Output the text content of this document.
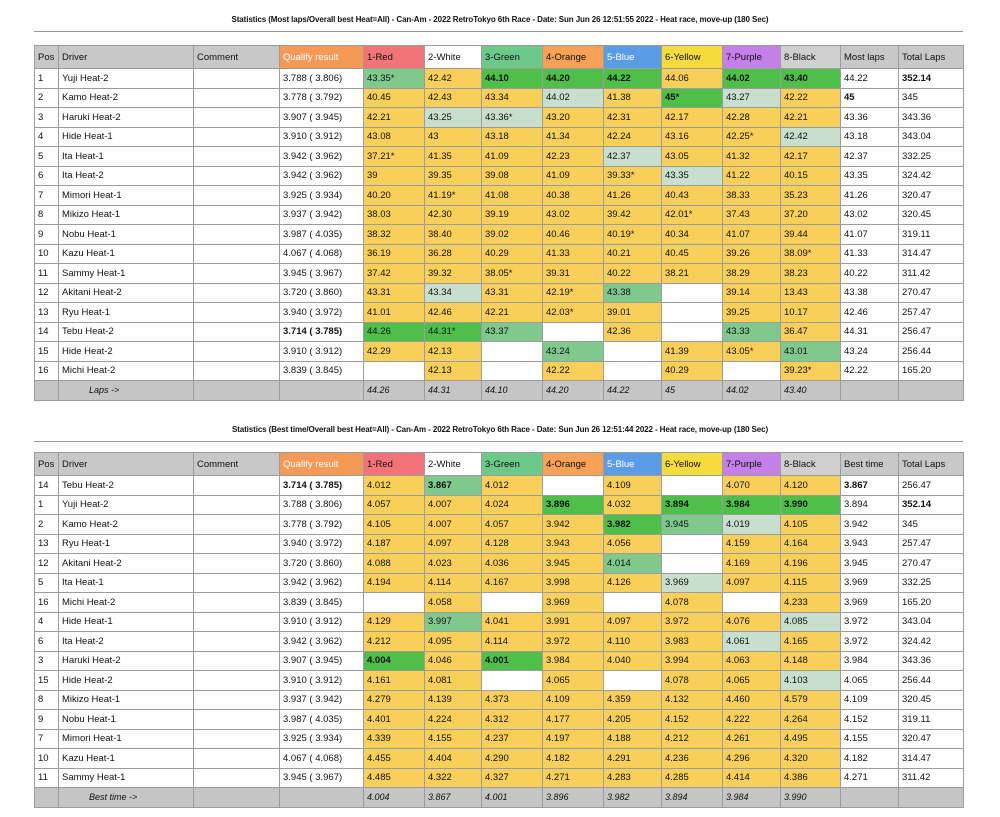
Statistics (Most laps/Overall best Heat=All) - Can-Am - 2022 RetroTokyo 6th Race - Date: Sun Jun 26 12:51:55 2022 - Heat race, move-up (180 Sec)
Pos	Driver	Comment	Qualify result	1-Red	2-White	3-Green	4-Orange	5-Blue	6-Yellow	7-Purple	8-Black	Most laps	Total Laps
1	Yuji Heat-2		3.788 ( 3.806)	43.35*	42.42	44.10	44.20	44.22	44.06	44.02	43.40	44.22	352.14
2	Kamo Heat-2		3.778 ( 3.792)	40.45	42.43	43.34	44.02	41.38	45*	43.27	42.22	45	345
3	Haruki Heat-2		3.907 ( 3.945)	42.21	43.25	43.36*	43.20	42.31	42.17	42.28	42.21	43.36	343.36
4	Hide Heat-1		3.910 ( 3.912)	43.08	43	43.18	41.34	42.24	43.16	42.25*	42.42	43.18	343.04
5	Ita Heat-1		3.942 ( 3.962)	37.21*	41.35	41.09	42.23	42.37	43.05	41.32	42.17	42.37	332.25
6	Ita Heat-2		3.942 ( 3.962)	39	39.35	39.08	41.09	39.33*	43.35	41.22	40.15	43.35	324.42
7	Mimori Heat-1		3.925 ( 3.934)	40.20	41.19*	41.08	40.38	41.26	40.43	38.33	35.23	41.26	320.47
8	Mikizo Heat-1		3.937 ( 3.942)	38.03	42.30	39.19	43.02	39.42	42.01*	37.43	37.20	43.02	320.45
9	Nobu Heat-1		3.987 ( 4.035)	38.32	38.40	39.02	40.46	40.19*	40.34	41.07	39.44	41.07	319.11
10	Kazu Heat-1		4.067 ( 4.068)	36.19	36.28	40.29	41.33	40.21	40.45	39.26	38.09*	41.33	314.47
11	Sammy Heat-1		3.945 ( 3.967)	37.42	39.32	38.05*	39.31	40.22	38.21	38.29	38.23	40.22	311.42
12	Akitani Heat-2		3.720 ( 3.860)	43.31	43.34	43.31	42.19*	43.38		39.14	13.43	43.38	270.47
13	Ryu Heat-1		3.940 ( 3.972)	41.01	42.46	42.21	42.03*	39.01		39.25	10.17	42.46	257.47
14	Tebu Heat-2		3.714 ( 3.785)	44.26	44.31*	43.37		42.36		43.33	36.47	44.31	256.47
15	Hide Heat-2		3.910 ( 3.912)	42.29	42.13		43.24		41.39	43.05*	43.01	43.24	256.44
16	Michi Heat-2		3.839 ( 3.845)		42.13		42.22		40.29		39.23*	42.22	165.20
	Laps ->			44.26	44.31	44.10	44.20	44.22	45	44.02	43.40		
Statistics (Best time/Overall best Heat=All) - Can-Am - 2022 RetroTokyo 6th Race - Date: Sun Jun 26 12:51:44 2022 - Heat race, move-up (180 Sec)
Pos	Driver	Comment	Qualify result	1-Red	2-White	3-Green	4-Orange	5-Blue	6-Yellow	7-Purple	8-Black	Best time	Total Laps
14	Tebu Heat-2		3.714 ( 3.785)	4.012	3.867	4.012		4.109		4.070	4.120	3.867	256.47
1	Yuji Heat-2		3.788 ( 3.806)	4.057	4.007	4.024	3.896	4.032	3.894	3.984	3.990	3.894	352.14
2	Kamo Heat-2		3.778 ( 3.792)	4.105	4.007	4.057	3.942	3.982	3.945	4.019	4.105	3.942	345
13	Ryu Heat-1		3.940 ( 3.972)	4.187	4.097	4.128	3.943	4.056		4.159	4.164	3.943	257.47
12	Akitani Heat-2		3.720 ( 3.860)	4.088	4.023	4.036	3.945	4.014		4.169	4.196	3.945	270.47
5	Ita Heat-1		3.942 ( 3.962)	4.194	4.114	4.167	3.998	4.126	3.969	4.097	4.115	3.969	332.25
16	Michi Heat-2		3.839 ( 3.845)		4.058		3.969		4.078		4.233	3.969	165.20
4	Hide Heat-1		3.910 ( 3.912)	4.129	3.997	4.041	3.991	4.097	3.972	4.076	4.085	3.972	343.04
6	Ita Heat-2		3.942 ( 3.962)	4.212	4.095	4.114	3.972	4.110	3.983	4.061	4.165	3.972	324.42
3	Haruki Heat-2		3.907 ( 3.945)	4.004	4.046	4.001	3.984	4.040	3.994	4.063	4.148	3.984	343.36
15	Hide Heat-2		3.910 ( 3.912)	4.161	4.081		4.065		4.078	4.065	4.103	4.065	256.44
8	Mikizo Heat-1		3.937 ( 3.942)	4.279	4.139	4.373	4.109	4.359	4.132	4.460	4.579	4.109	320.45
9	Nobu Heat-1		3.987 ( 4.035)	4.401	4.224	4.312	4.177	4.205	4.152	4.222	4.264	4.152	319.11
7	Mimori Heat-1		3.925 ( 3.934)	4.339	4.155	4.237	4.197	4.188	4.212	4.261	4.495	4.155	320.47
10	Kazu Heat-1		4.067 ( 4.068)	4.455	4.404	4.290	4.182	4.291	4.236	4.296	4.320	4.182	314.47
11	Sammy Heat-1		3.945 ( 3.967)	4.485	4.322	4.327	4.271	4.283	4.285	4.414	4.386	4.271	311.42
	Best time ->			4.004	3.867	4.001	3.896	3.982	3.894	3.984	3.990		
